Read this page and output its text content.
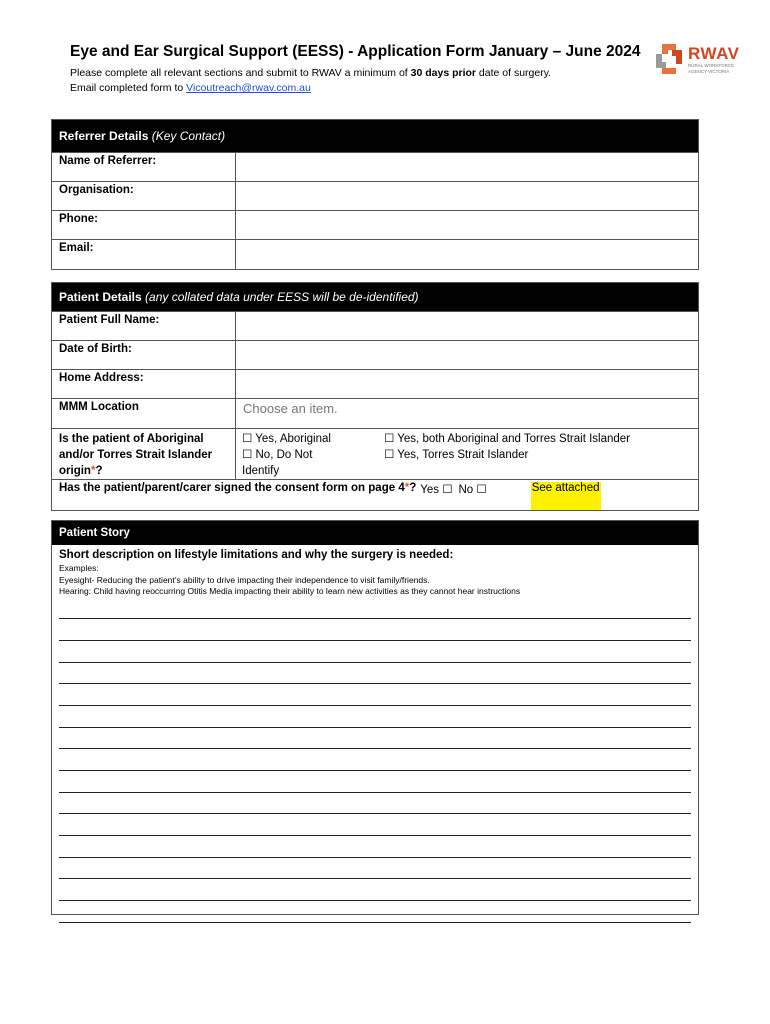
Eye and Ear Surgical Support (EESS) - Application Form January – June 2024
Please complete all relevant sections and submit to RWAV a minimum of 30 days prior date of surgery.
Email completed form to Vicoutreach@rwav.com.au
RWAV
RURAL WORKFORCE AGENCY VICTORIA
Referrer Details
(Key Contact)
Name of Referrer:
Organisation:
Phone:
Email:
Patient Details
(any collated data under EESS will be de-identified)
Patient Full Name:
Date of Birth:
Home Address:
MMM Location	Choose an item.
Is the patient of Aboriginal and/or Torres Strait Islander origin*?
☐ Yes, Aboriginal
☐ No, Do Not Identify
☐ Yes, both Aboriginal and Torres Strait Islander
☐ Yes, Torres Strait Islander
Has the patient/parent/carer signed the consent form on page 4*? Yes ☐ No ☐	See attached
Patient Story
Short description on lifestyle limitations and why the surgery is needed:
Examples:
Eyesight- Reducing the patient’s ability to drive impacting their independence to visit family/friends.
Hearing: Child having reoccurring Otitis Media impacting their ability to learn new activities as they cannot hear instructions
